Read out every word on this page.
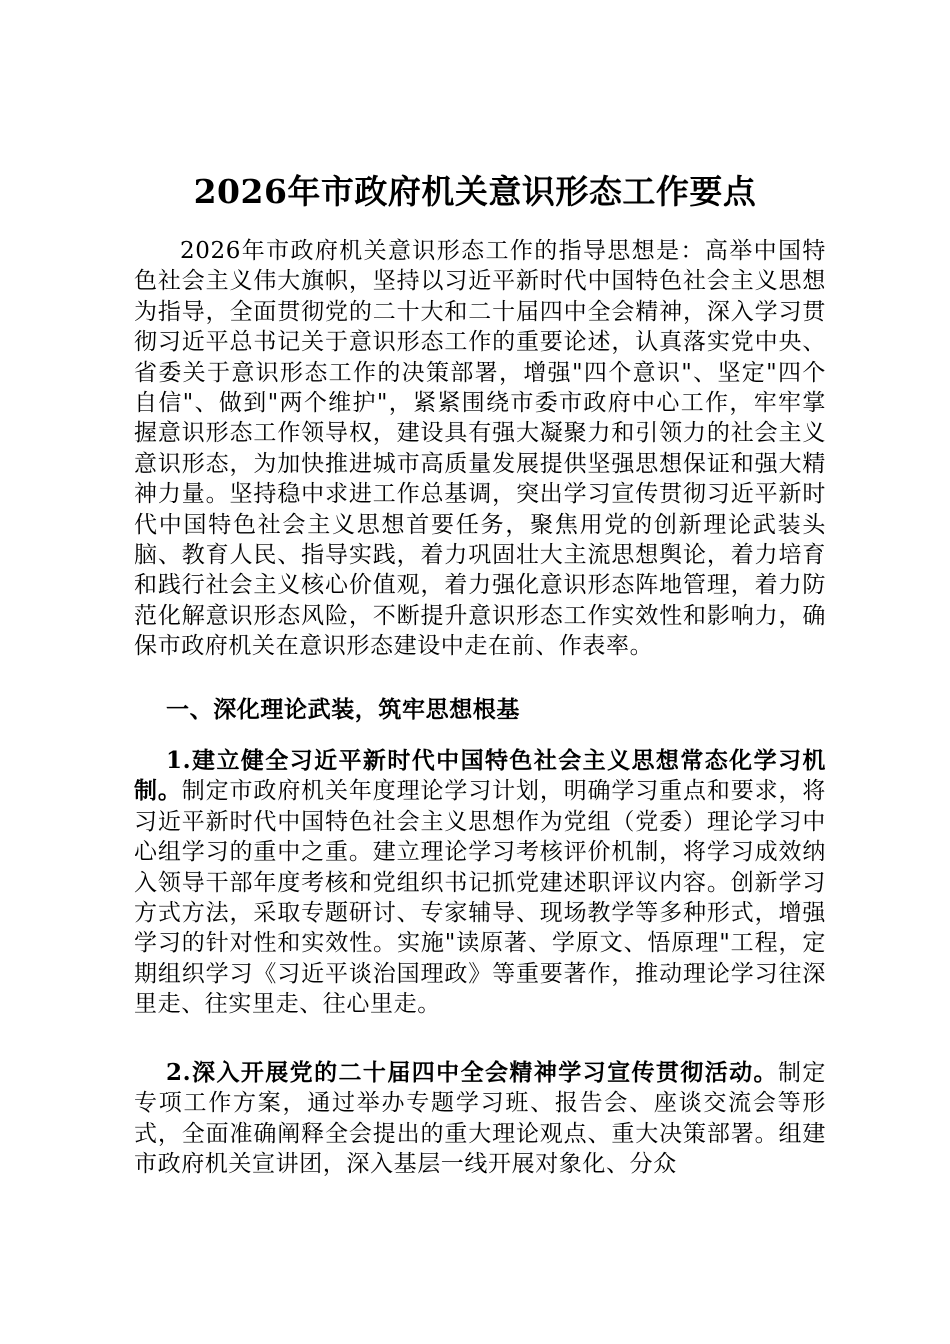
2026年市政府机关意识形态工作要点

2026年市政府机关意识形态工作的指导思想是：高举中国特色社会主义伟大旗帜，坚持以习近平新时代中国特色社会主义思想为指导，全面贯彻党的二十大和二十届四中全会精神，深入学习贯彻习近平总书记关于意识形态工作的重要论述，认真落实党中央、省委关于意识形态工作的决策部署，增强"四个意识"、坚定"四个自信"、做到"两个维护"，紧紧围绕市委市政府中心工作，牢牢掌握意识形态工作领导权，建设具有强大凝聚力和引领力的社会主义意识形态，为加快推进城市高质量发展提供坚强思想保证和强大精神力量。坚持稳中求进工作总基调，突出学习宣传贯彻习近平新时代中国特色社会主义思想首要任务，聚焦用党的创新理论武装头脑、教育人民、指导实践，着力巩固壮大主流思想舆论，着力培育和践行社会主义核心价值观，着力强化意识形态阵地管理，着力防范化解意识形态风险，不断提升意识形态工作实效性和影响力，确保市政府机关在意识形态建设中走在前、作表率。

一、深化理论武装，筑牢思想根基

1.建立健全习近平新时代中国特色社会主义思想常态化学习机制。制定市政府机关年度理论学习计划，明确学习重点和要求，将习近平新时代中国特色社会主义思想作为党组（党委）理论学习中心组学习的重中之重。建立理论学习考核评价机制，将学习成效纳入领导干部年度考核和党组织书记抓党建述职评议内容。创新学习方式方法，采取专题研讨、专家辅导、现场教学等多种形式，增强学习的针对性和实效性。实施"读原著、学原文、悟原理"工程，定期组织学习《习近平谈治国理政》等重要著作，推动理论学习往深里走、往实里走、往心里走。

2.深入开展党的二十届四中全会精神学习宣传贯彻活动。制定专项工作方案，通过举办专题学习班、报告会、座谈交流会等形式，全面准确阐释全会提出的重大理论观点、重大决策部署。组建市政府机关宣讲团，深入基层一线开展对象化、分众
